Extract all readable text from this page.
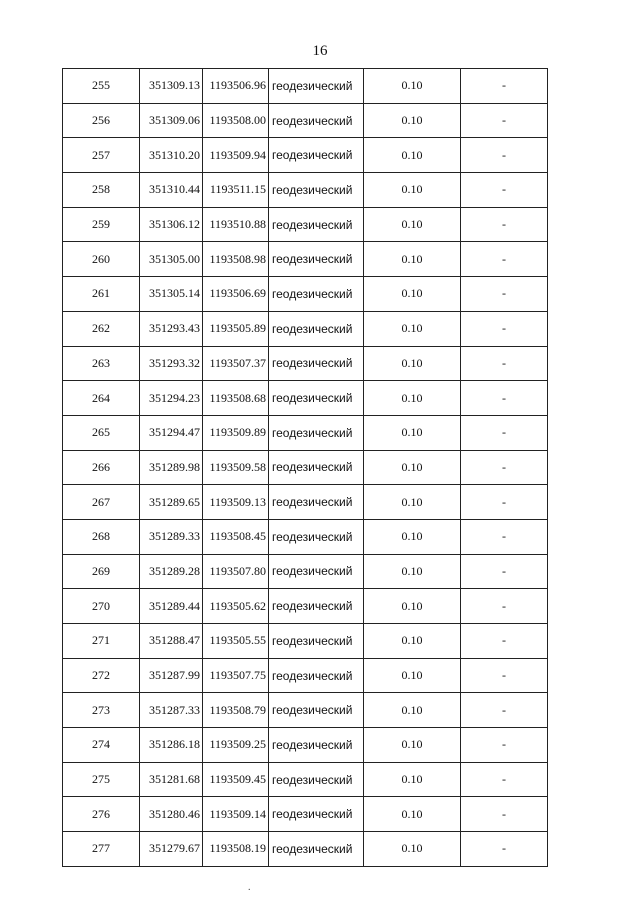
16
255	351309.13	1193506.96	геодезический	0.10	-
256	351309.06	1193508.00	геодезический	0.10	-
257	351310.20	1193509.94	геодезический	0.10	-
258	351310.44	1193511.15	геодезический	0.10	-
259	351306.12	1193510.88	геодезический	0.10	-
260	351305.00	1193508.98	геодезический	0.10	-
261	351305.14	1193506.69	геодезический	0.10	-
262	351293.43	1193505.89	геодезический	0.10	-
263	351293.32	1193507.37	геодезический	0.10	-
264	351294.23	1193508.68	геодезический	0.10	-
265	351294.47	1193509.89	геодезический	0.10	-
266	351289.98	1193509.58	геодезический	0.10	-
267	351289.65	1193509.13	геодезический	0.10	-
268	351289.33	1193508.45	геодезический	0.10	-
269	351289.28	1193507.80	геодезический	0.10	-
270	351289.44	1193505.62	геодезический	0.10	-
271	351288.47	1193505.55	геодезический	0.10	-
272	351287.99	1193507.75	геодезический	0.10	-
273	351287.33	1193508.79	геодезический	0.10	-
274	351286.18	1193509.25	геодезический	0.10	-
275	351281.68	1193509.45	геодезический	0.10	-
276	351280.46	1193509.14	геодезический	0.10	-
277	351279.67	1193508.19	геодезический	0.10	-
.
